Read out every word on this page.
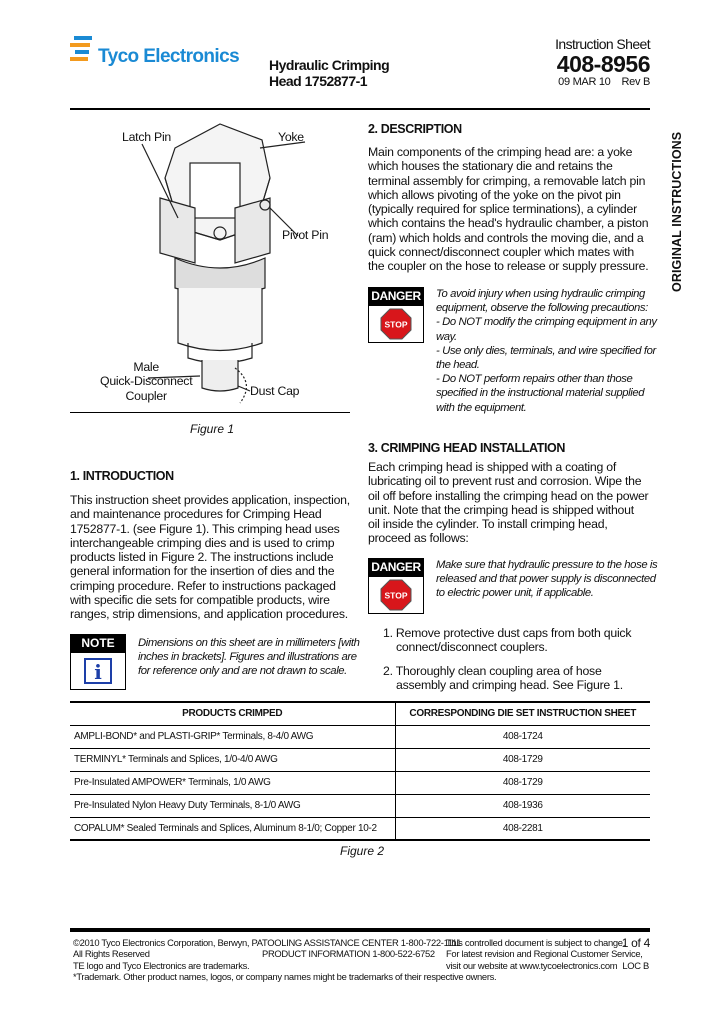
Tyco Electronics Hydraulic Crimping
Head 1752877-1
Instruction Sheet
408-8956
09 MAR 10 Rev B
ORIGINAL INSTRUCTIONS
Latch Pin	Yoke
Pivot Pin
Male
Quick-Disconnect
Coupler	Dust Cap
Figure 1
1. INTRODUCTION
This instruction sheet provides application, inspection,
and maintenance procedures for Crimping Head
1752877-1. (see Figure 1). This crimping head uses
interchangeable crimping dies and is used to crimp
products listed in Figure 2. The instructions include
general information for the insertion of dies and the
crimping procedure. Refer to instructions packaged
with specific die sets for compatible products, wire
ranges, strip dimensions, and application procedures.
NOTE
i
Dimensions on this sheet are in millimeters [with
inches in brackets]. Figures and illustrations are
for reference only and are not drawn to scale.
2. DESCRIPTION
Main components of the crimping head are: a yoke
which houses the stationary die and retains the
terminal assembly for crimping, a removable latch pin
which allows pivoting of the yoke on the pivot pin
(typically required for splice terminations), a cylinder
which contains the head's hydraulic chamber, a piston
(ram) which holds and controls the moving die, and a
quick connect/disconnect coupler which mates with
the coupler on the hose to release or supply pressure.
DANGER
STOP
To avoid injury when using hydraulic crimping
equipment, observe the following precautions:
- Do NOT modify the crimping equipment in any
way.
- Use only dies, terminals, and wire specified for
the head.
- Do NOT perform repairs other than those
specified in the instructional material supplied
with the equipment.
3. CRIMPING HEAD INSTALLATION
Each crimping head is shipped with a coating of
lubricating oil to prevent rust and corrosion. Wipe the
oil off before installing the crimping head on the power
unit. Note that the crimping head is shipped without
oil inside the cylinder. To install crimping head,
proceed as follows:
DANGER
STOP
Make sure that hydraulic pressure to the hose is
released and that power supply is disconnected
to electric power unit, if applicable.
1. Remove protective dust caps from both quick
connect/disconnect couplers.
2. Thoroughly clean coupling area of hose
assembly and crimping head. See Figure 1.
PRODUCTS CRIMPED	CORRESPONDING DIE SET INSTRUCTION SHEET
AMPLI-BOND* and PLASTI-GRIP* Terminals, 8-4/0 AWG	408-1724
TERMINYL* Terminals and Splices, 1/0-4/0 AWG	408-1729
Pre-Insulated AMPOWER* Terminals, 1/0 AWG	408-1729
Pre-Insulated Nylon Heavy Duty Terminals, 8-1/0 AWG	408-1936
COPALUM* Sealed Terminals and Splices, Aluminum 8-1/0; Copper 10-2	408-2281
Figure 2
©2010 Tyco Electronics Corporation, Berwyn, PA
All Rights Reserved
TE logo and Tyco Electronics are trademarks.
*Trademark. Other product names, logos, or company names might be trademarks of their respective owners.
TOOLING ASSISTANCE CENTER 1-800-722-1111
PRODUCT INFORMATION 1-800-522-6752
This controlled document is subject to change.
For latest revision and Regional Customer Service,
visit our website at www.tycoelectronics.com
1 of 4
LOC B
